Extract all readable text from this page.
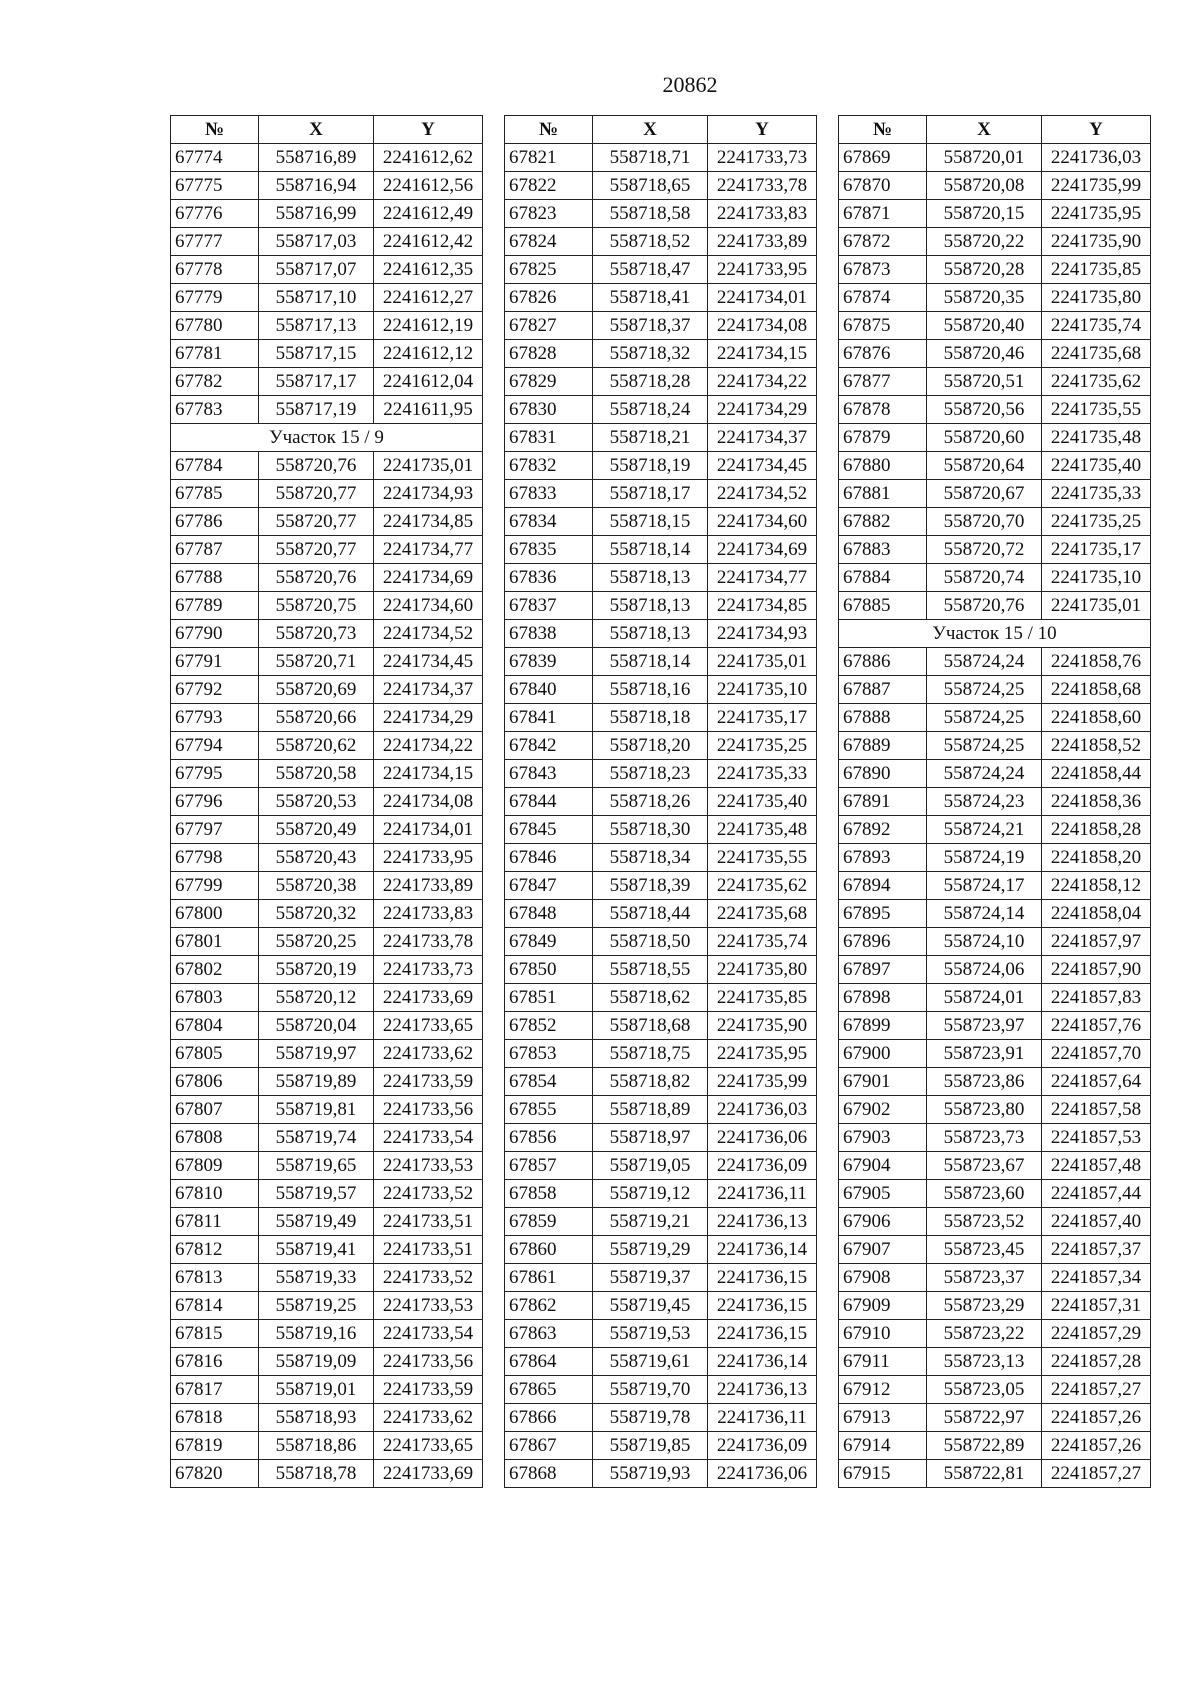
20862
№	X	Y
67774	558716,89	2241612,62
67775	558716,94	2241612,56
67776	558716,99	2241612,49
67777	558717,03	2241612,42
67778	558717,07	2241612,35
67779	558717,10	2241612,27
67780	558717,13	2241612,19
67781	558717,15	2241612,12
67782	558717,17	2241612,04
67783	558717,19	2241611,95
Участок 15 / 9		
67784	558720,76	2241735,01
67785	558720,77	2241734,93
67786	558720,77	2241734,85
67787	558720,77	2241734,77
67788	558720,76	2241734,69
67789	558720,75	2241734,60
67790	558720,73	2241734,52
67791	558720,71	2241734,45
67792	558720,69	2241734,37
67793	558720,66	2241734,29
67794	558720,62	2241734,22
67795	558720,58	2241734,15
67796	558720,53	2241734,08
67797	558720,49	2241734,01
67798	558720,43	2241733,95
67799	558720,38	2241733,89
67800	558720,32	2241733,83
67801	558720,25	2241733,78
67802	558720,19	2241733,73
67803	558720,12	2241733,69
67804	558720,04	2241733,65
67805	558719,97	2241733,62
67806	558719,89	2241733,59
67807	558719,81	2241733,56
67808	558719,74	2241733,54
67809	558719,65	2241733,53
67810	558719,57	2241733,52
67811	558719,49	2241733,51
67812	558719,41	2241733,51
67813	558719,33	2241733,52
67814	558719,25	2241733,53
67815	558719,16	2241733,54
67816	558719,09	2241733,56
67817	558719,01	2241733,59
67818	558718,93	2241733,62
67819	558718,86	2241733,65
67820	558718,78	2241733,69
№	X	Y
67821	558718,71	2241733,73
67822	558718,65	2241733,78
67823	558718,58	2241733,83
67824	558718,52	2241733,89
67825	558718,47	2241733,95
67826	558718,41	2241734,01
67827	558718,37	2241734,08
67828	558718,32	2241734,15
67829	558718,28	2241734,22
67830	558718,24	2241734,29
67831	558718,21	2241734,37
67832	558718,19	2241734,45
67833	558718,17	2241734,52
67834	558718,15	2241734,60
67835	558718,14	2241734,69
67836	558718,13	2241734,77
67837	558718,13	2241734,85
67838	558718,13	2241734,93
67839	558718,14	2241735,01
67840	558718,16	2241735,10
67841	558718,18	2241735,17
67842	558718,20	2241735,25
67843	558718,23	2241735,33
67844	558718,26	2241735,40
67845	558718,30	2241735,48
67846	558718,34	2241735,55
67847	558718,39	2241735,62
67848	558718,44	2241735,68
67849	558718,50	2241735,74
67850	558718,55	2241735,80
67851	558718,62	2241735,85
67852	558718,68	2241735,90
67853	558718,75	2241735,95
67854	558718,82	2241735,99
67855	558718,89	2241736,03
67856	558718,97	2241736,06
67857	558719,05	2241736,09
67858	558719,12	2241736,11
67859	558719,21	2241736,13
67860	558719,29	2241736,14
67861	558719,37	2241736,15
67862	558719,45	2241736,15
67863	558719,53	2241736,15
67864	558719,61	2241736,14
67865	558719,70	2241736,13
67866	558719,78	2241736,11
67867	558719,85	2241736,09
67868	558719,93	2241736,06
№	X	Y
67869	558720,01	2241736,03
67870	558720,08	2241735,99
67871	558720,15	2241735,95
67872	558720,22	2241735,90
67873	558720,28	2241735,85
67874	558720,35	2241735,80
67875	558720,40	2241735,74
67876	558720,46	2241735,68
67877	558720,51	2241735,62
67878	558720,56	2241735,55
67879	558720,60	2241735,48
67880	558720,64	2241735,40
67881	558720,67	2241735,33
67882	558720,70	2241735,25
67883	558720,72	2241735,17
67884	558720,74	2241735,10
67885	558720,76	2241735,01
Участок 15 / 10		
67886	558724,24	2241858,76
67887	558724,25	2241858,68
67888	558724,25	2241858,60
67889	558724,25	2241858,52
67890	558724,24	2241858,44
67891	558724,23	2241858,36
67892	558724,21	2241858,28
67893	558724,19	2241858,20
67894	558724,17	2241858,12
67895	558724,14	2241858,04
67896	558724,10	2241857,97
67897	558724,06	2241857,90
67898	558724,01	2241857,83
67899	558723,97	2241857,76
67900	558723,91	2241857,70
67901	558723,86	2241857,64
67902	558723,80	2241857,58
67903	558723,73	2241857,53
67904	558723,67	2241857,48
67905	558723,60	2241857,44
67906	558723,52	2241857,40
67907	558723,45	2241857,37
67908	558723,37	2241857,34
67909	558723,29	2241857,31
67910	558723,22	2241857,29
67911	558723,13	2241857,28
67912	558723,05	2241857,27
67913	558722,97	2241857,26
67914	558722,89	2241857,26
67915	558722,81	2241857,27
